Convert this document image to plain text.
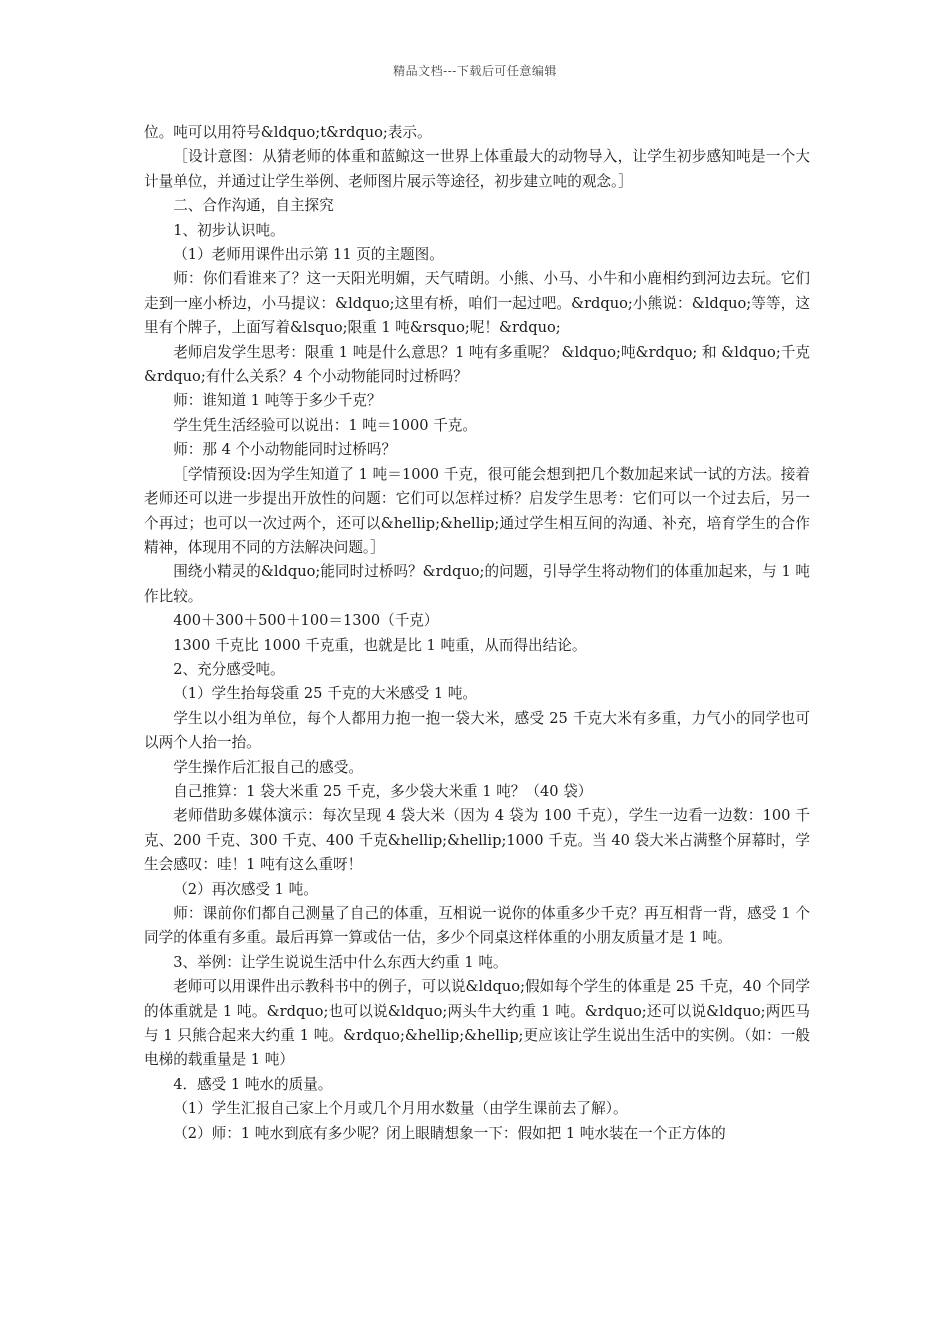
精品文档---下载后可任意编辑

位。吨可以用符号&ldquo;t&rdquo;表示。

［设计意图：从猜老师的体重和蓝鲸这一世界上体重最大的动物导入，让学生初步感知吨是一个大计量单位，并通过让学生举例、老师图片展示等途径，初步建立吨的观念。］

二、合作沟通，自主探究

1、初步认识吨。

（1）老师用课件出示第 11 页的主题图。

师：你们看谁来了？这一天阳光明媚，天气晴朗。小熊、小马、小牛和小鹿相约到河边去玩。它们走到一座小桥边，小马提议：&ldquo;这里有桥，咱们一起过吧。&rdquo;小熊说：&ldquo;等等，这里有个牌子，上面写着&lsquo;限重 1 吨&rsquo;呢！&rdquo;

老师启发学生思考：限重 1 吨是什么意思？1 吨有多重呢？ &ldquo;吨&rdquo; 和 &ldquo;千克&rdquo;有什么关系？4 个小动物能同时过桥吗？

师：谁知道 1 吨等于多少千克？

学生凭生活经验可以说出：1 吨＝1000 千克。

师：那 4 个小动物能同时过桥吗？

［学情预设:因为学生知道了 1 吨＝1000 千克，很可能会想到把几个数加起来试一试的方法。接着老师还可以进一步提出开放性的问题：它们可以怎样过桥？启发学生思考：它们可以一个过去后，另一个再过；也可以一次过两个，还可以&hellip;&hellip;通过学生相互间的沟通、补充，培育学生的合作精神，体现用不同的方法解决问题。］

围绕小精灵的&ldquo;能同时过桥吗？&rdquo;的问题，引导学生将动物们的体重加起来，与 1 吨作比较。

400＋300＋500＋100＝1300（千克）

1300 千克比 1000 千克重，也就是比 1 吨重，从而得出结论。

2、充分感受吨。

（1）学生抬每袋重 25 千克的大米感受 1 吨。

学生以小组为单位，每个人都用力抱一抱一袋大米，感受 25 千克大米有多重，力气小的同学也可以两个人抬一抬。

学生操作后汇报自己的感受。

自己推算：1 袋大米重 25 千克，多少袋大米重 1 吨？（40 袋）

老师借助多媒体演示：每次呈现 4 袋大米（因为 4 袋为 100 千克），学生一边看一边数：100 千克、200 千克、300 千克、400 千克&hellip;&hellip;1000 千克。当 40 袋大米占满整个屏幕时，学生会感叹：哇！1 吨有这么重呀！

（2）再次感受 1 吨。

师：课前你们都自己测量了自己的体重，互相说一说你的体重多少千克？再互相背一背，感受 1 个同学的体重有多重。最后再算一算或估一估，多少个同桌这样体重的小朋友质量才是 1 吨。

3、举例：让学生说说生活中什么东西大约重 1 吨。

老师可以用课件出示教科书中的例子，可以说&ldquo;假如每个学生的体重是 25 千克，40 个同学的体重就是 1 吨。&rdquo;也可以说&ldquo;两头牛大约重 1 吨。&rdquo;还可以说&ldquo;两匹马与 1 只熊合起来大约重 1 吨。&rdquo;&hellip;&hellip;更应该让学生说出生活中的实例。（如：一般电梯的载重量是 1 吨）

4．感受 1 吨水的质量。

（1）学生汇报自己家上个月或几个月用水数量（由学生课前去了解）。

（2）师：1 吨水到底有多少呢？闭上眼睛想象一下：假如把 1 吨水装在一个正方体的
